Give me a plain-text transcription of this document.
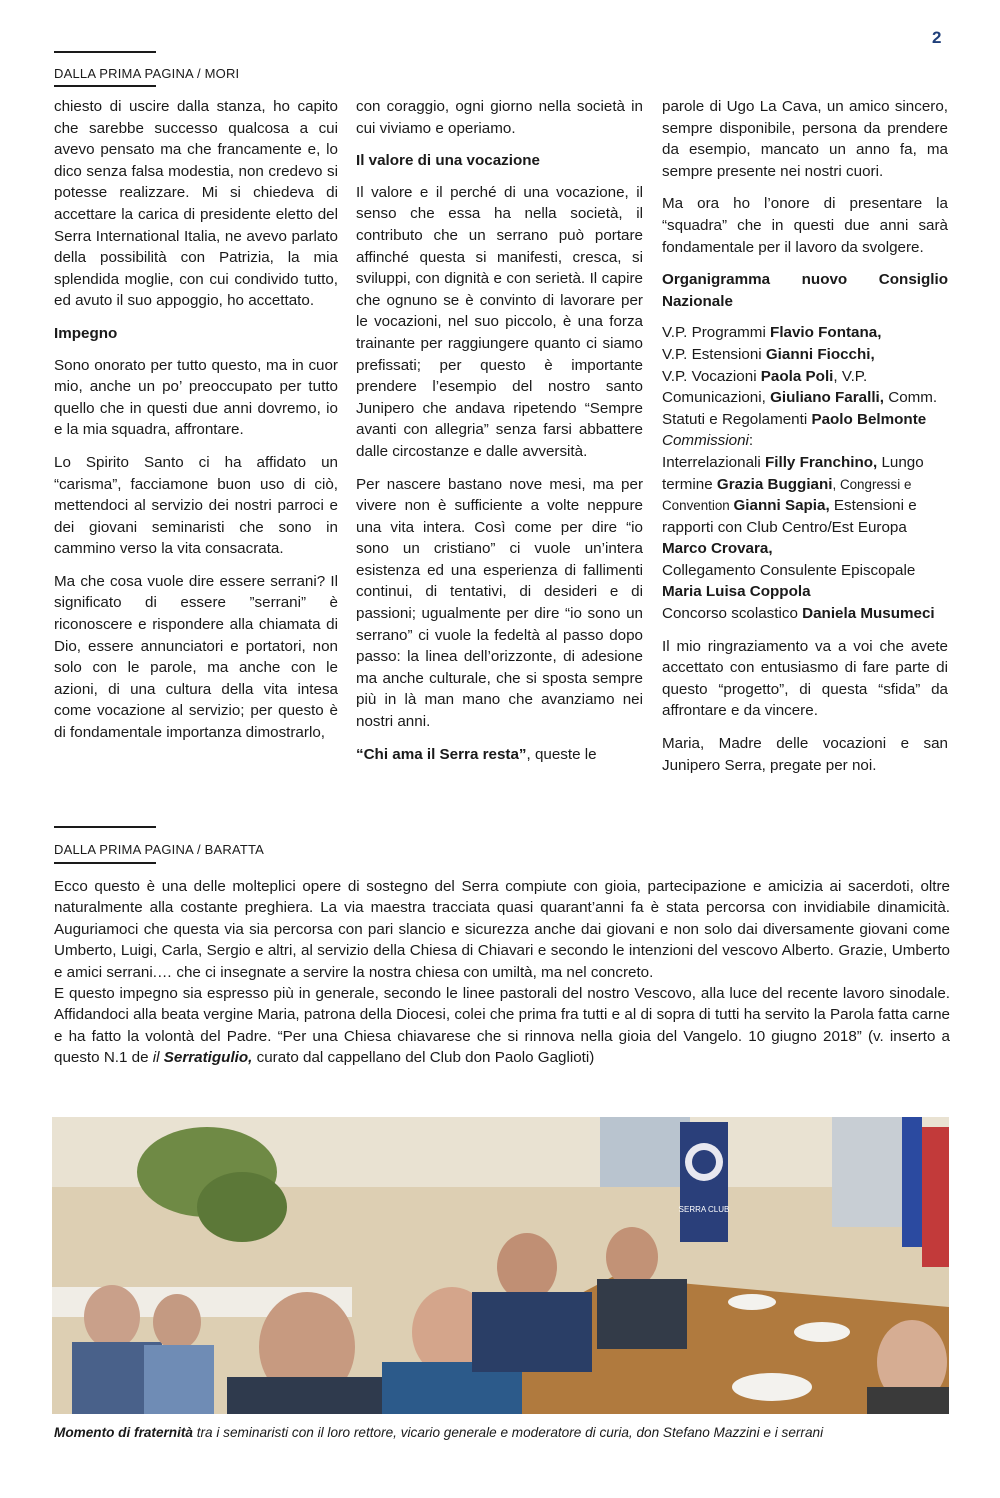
2
DALLA PRIMA PAGINA / MORI

chiesto di uscire dalla stanza, ho capito che sarebbe successo qualcosa a cui avevo pensato ma che francamente e, lo dico senza falsa modestia, non credevo si potesse realizzare. Mi si chiedeva di accettare la carica di presidente eletto del Serra International Italia, ne avevo parlato della possibilità con Patrizia, la mia splendida moglie, con cui condivido tutto, ed avuto il suo appoggio, ho accettato.

Impegno

Sono onorato per tutto questo, ma in cuor mio, anche un po’ preoccupato per tutto quello che in questi due anni dovremo, io e la mia squadra, affrontare.

Lo Spirito Santo ci ha affidato un “carisma”, facciamone buon uso di ciò, mettendoci al servizio dei nostri parroci e dei giovani seminaristi che sono in cammino verso la vita consacrata.

Ma che cosa vuole dire essere serrani? Il significato di essere ”serrani” è riconoscere e rispondere alla chiamata di Dio, essere annunciatori e portatori, non solo con le parole, ma anche con le azioni, di una cultura della vita intesa come vocazione al servizio; per questo è di fondamentale importanza dimostrarlo,

con coraggio, ogni giorno nella società in cui viviamo e operiamo.

Il valore di una vocazione

Il valore e il perché di una vocazione, il senso che essa ha nella società, il contributo che un serrano può portare affinché questa si manifesti, cresca, si sviluppi, con dignità e con serietà. Il capire che ognuno se è convinto di lavorare per le vocazioni, nel suo piccolo, è una forza trainante per raggiungere quanto ci siamo prefissati; per questo è importante prendere l’esempio del nostro santo Junipero che andava ripetendo “Sempre avanti con allegria” senza farsi abbattere dalle circostanze e dalle avversità.

Per nascere bastano nove mesi, ma per vivere non è sufficiente a volte neppure una vita intera. Così come per dire “io sono un cristiano” ci vuole un’intera esistenza ed una esperienza di fallimenti continui, di tentativi, di desideri e di passioni; ugualmente per dire “io sono un serrano” ci vuole la fedeltà al passo dopo passo: la linea dell’orizzonte, di adesione ma anche culturale, che si sposta sempre più in là man mano che avanziamo nei nostri anni.

“Chi ama il Serra resta”, queste le

parole di Ugo La Cava, un amico sincero, sempre disponibile, persona da prendere da esempio, mancato un anno fa, ma sempre presente nei nostri cuori.

Ma ora ho l’onore di presentare la “squadra” che in questi due anni sarà fondamentale per il lavoro da svolgere.

Organigramma nuovo Consiglio Nazionale

V.P. Programmi Flavio Fontana,
V.P. Estensioni Gianni Fiocchi,
V.P. Vocazioni Paola Poli, V.P. Comunicazioni, Giuliano Faralli, Comm. Statuti e Regolamenti Paolo Belmonte
Commissioni:
Interrelazionali Filly Franchino, Lungo termine Grazia Buggiani, Congressi e Convention Gianni Sapia, Estensioni e rapporti con Club Centro/Est Europa Marco Crovara,
Collegamento Consulente Episcopale Maria Luisa Coppola
Concorso scolastico Daniela Musumeci

Il mio ringraziamento va a voi che avete accettato con entusiasmo di fare parte di questo “progetto”, di questa “sfida” da affrontare e da vincere.

Maria, Madre delle vocazioni e san Junipero Serra, pregate per noi.

DALLA PRIMA PAGINA / BARATTA

Ecco questo è una delle molteplici opere di sostegno del Serra compiute con gioia, partecipazione e amicizia ai sacerdoti, oltre naturalmente alla costante preghiera. La via maestra tracciata quasi quarant’anni fa è stata percorsa con invidiabile dinamicità. Auguriamoci che questa via sia percorsa con pari slancio e sicurezza anche dai giovani e non solo dai diversamente giovani come Umberto, Luigi, Carla, Sergio e altri, al servizio della Chiesa di Chiavari e secondo le intenzioni del vescovo Alberto. Grazie, Umberto e amici serrani.… che ci insegnate a servire la nostra chiesa con umiltà, ma nel concreto.

E questo impegno sia espresso più in generale, secondo le linee pastorali del nostro Vescovo, alla luce del recente lavoro sinodale. Affidandoci alla beata vergine Maria, patrona della Diocesi, colei che prima fra tutti e al di sopra di tutti ha servito la Parola fatta carne e ha fatto la volontà del Padre. “Per una Chiesa chiavarese che si rinnova nella gioia del Vangelo. 10 giugno 2018” (v. inserto a questo N.1 de il Serratigulio, curato dal cappellano del Club don Paolo Gaglioti)

SERRA CLUB
Momento di fraternità tra i seminaristi con il loro rettore, vicario generale e moderatore di curia, don Stefano Mazzini e i serrani
